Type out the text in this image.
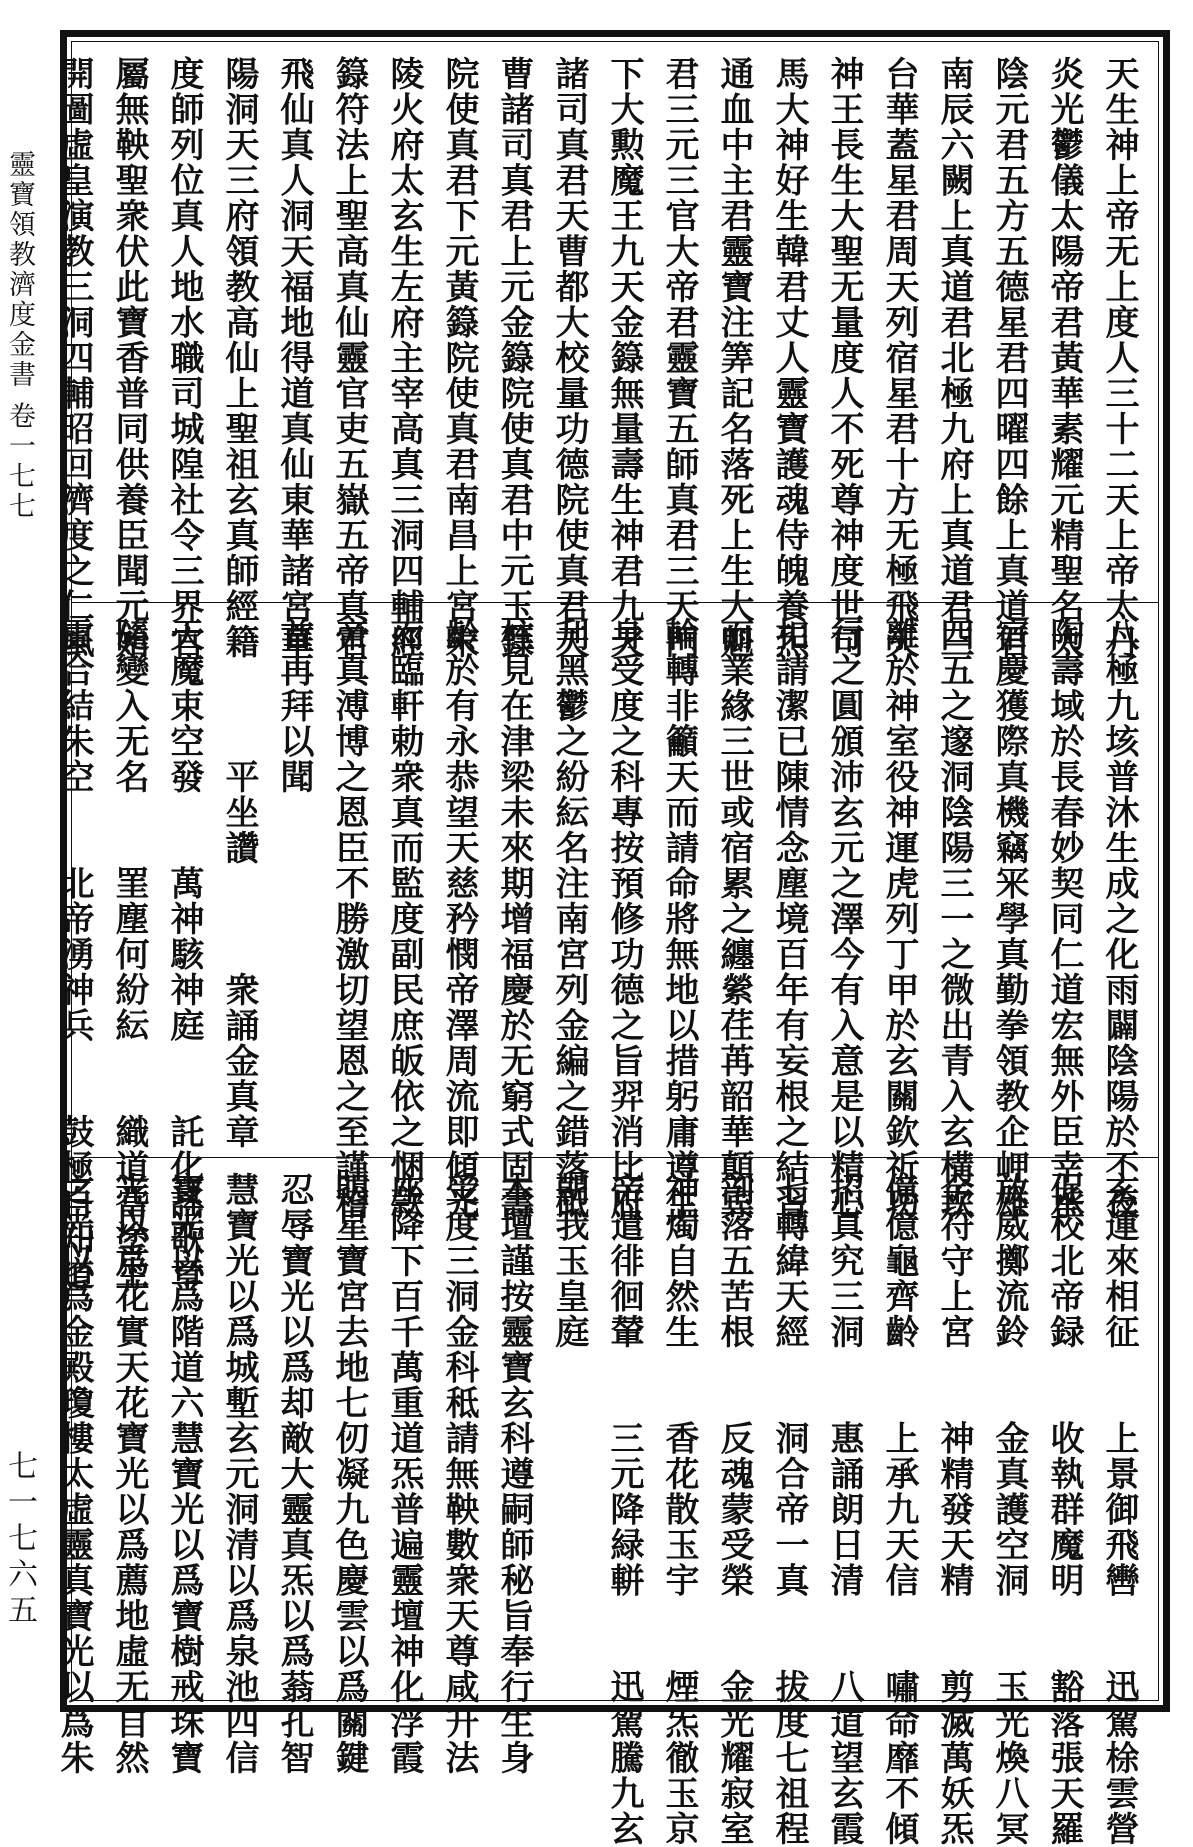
靈寶領教濟度金書 卷一七七
七一七六五
天生神上帝无上度人三十二天上帝太丹
炎光鬱儀太陽帝君黃華素耀元精聖名太
陰元君五方五德星君四曜四餘上真道君
南辰六闕上真道君北極九府上真道君三
台華蓋星君周天列宿星君十方无極飛天
神王長生大聖无量度人不死尊神度世司
馬大神好生韓君丈人靈寶護魂侍魄養炁
通血中主君靈寶注筭記名落死上生大魁
君三元三官大帝君靈寶五師真君三天門
下大勲魔王九天金籙無量壽生神君九天
諸司真君天曹都大校量功德院使真君天
曹諸司真君上元金籙院使真君中元玉籙
院使真君下元黃籙院使真君南昌上宮朱
陵火府太玄生左府主宰高真三洞四輔經
籙符法上聖高真仙靈官吏五嶽五帝真君
飛仙真人洞天福地得道真仙東華諸宮華
陽洞天三府領教高仙上聖祖玄真師經籍
度師列位真人地水職司城隍社令三界官
屬無鞅聖衆伏此寶香普同供養臣聞元始
開圖虛皇演教三洞四輔昭回濟度之仁風
八極九垓普沐生成之化雨闢陰陽於不夜
陶壽域於長春妙契同仁道宏無外臣幸承
宿慶獲際真機竊冞學真勤拳領教企岬雄
四五之邃洞陰陽三一之微出青入玄構坎
離於神室役神運虎列丁甲於玄關欽祈功
行之圓頒沛玄元之澤今有入意是以精心
扣請潔已陳情念塵境百年有妄根之結習
而業緣三世或宿累之纏縈荏苒韶華顛宾
輪轉非籲天而請命將無地以措躬庸遵生
身受度之科專按預修功德之旨羿消比府
刋黑鬱之紛紜名注南宮列金編之錯落砥
柱見在津梁未來期增福慶於无窮式固壽
齡於有永恭望天慈矜憫帝澤周流即傾光
而臨軒勅衆真而監度副民庶皈依之悃款
帝真溥博之恩臣不勝激切望恩之至謹稽
首再拜以聞
　　　　平坐讚　　　衆誦金真章
天魔束空發　　萬神駭神庭　　託化謠歌章
隨變入无名　　罣塵何紛紜　　織道當塗生
雲合結朱空　　北帝湧神兵　　鼓極自知道
玄運來相征　　上景御飛轡　　迅駕梌雲營
促校北帝録　　收執群魔明　　豁落張天羅
放威擲流鈴　　金真護空洞　　玉光煥八冥
金符守上宮　　神精發天精　　剪滅萬妖炁
億億龜齊齡　　上承九天信　　嘯命靡不傾
招真究三洞　　惠誦朗日清　　八道望玄霞
七轉緯天經　　洞合帝一真　　拔度七祖程
剖落五苦根　　反魂蒙受榮　　金光耀寂室
神燭自然生　　香花散玉宇　　煙炁徹玉京
帝遣徘徊輦　　三元降緑軿　　迅駕騰九玄
朝我玉皇庭
本壇謹按靈寶玄科遵嗣師秘旨奉行生身
受度三洞金科秪請無鞅數衆天尊咸升法
座降下百千萬重道炁普遍靈壇神化浮霞
明星寶宮去地七仞凝九色慶雲以爲關鍵
忍辱寶光以爲却敵大靈真炁以爲蓊孔智
慧寶光以爲城塹玄元洞清以爲泉池四信
寶光以爲階道六慧寶光以爲寶樹戒珠寶
光以爲花實天花寶光以爲薦地虛无自然
之光以爲金殿瓊樓太虛靈真寶光以爲朱
